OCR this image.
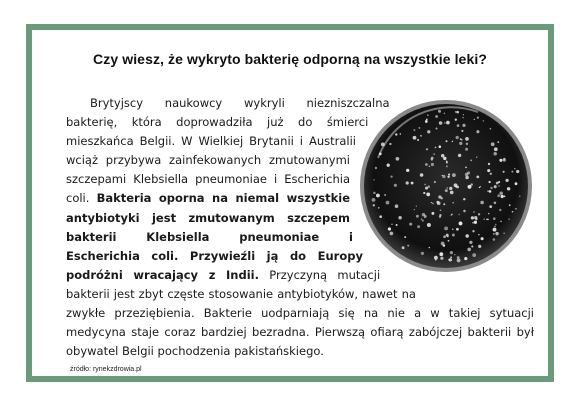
Czy wiesz, że wykryto bakterię odporną na wszystkie leki?

Brytyjscy naukowcy wykryli niezniszczalna bakterię, która doprowadziła już do śmierci mieszkańca Belgii. W Wielkiej Brytanii i Australii wciąż przybywa zainfekowanych zmutowanymi szczepami Klebsiella pneumoniae i Escherichia coli. Bakteria oporna na niemal wszystkie antybiotyki jest zmutowanym szczepem bakterii Klebsiella pneumoniae i Escherichia coli. Przywieźli ją do Europy podróżni wracający z Indii. Przyczyną mutacji bakterii jest zbyt częste stosowanie antybiotyków, nawet na zwykłe przeziębienia. Bakterie uodparniają się na nie a w takiej sytuacji medycyna staje coraz bardziej bezradna. Pierwszą ofiarą zabójczej bakterii był obywatel Belgii pochodzenia pakistańskiego.

źródło: rynekzdrowia.pl
